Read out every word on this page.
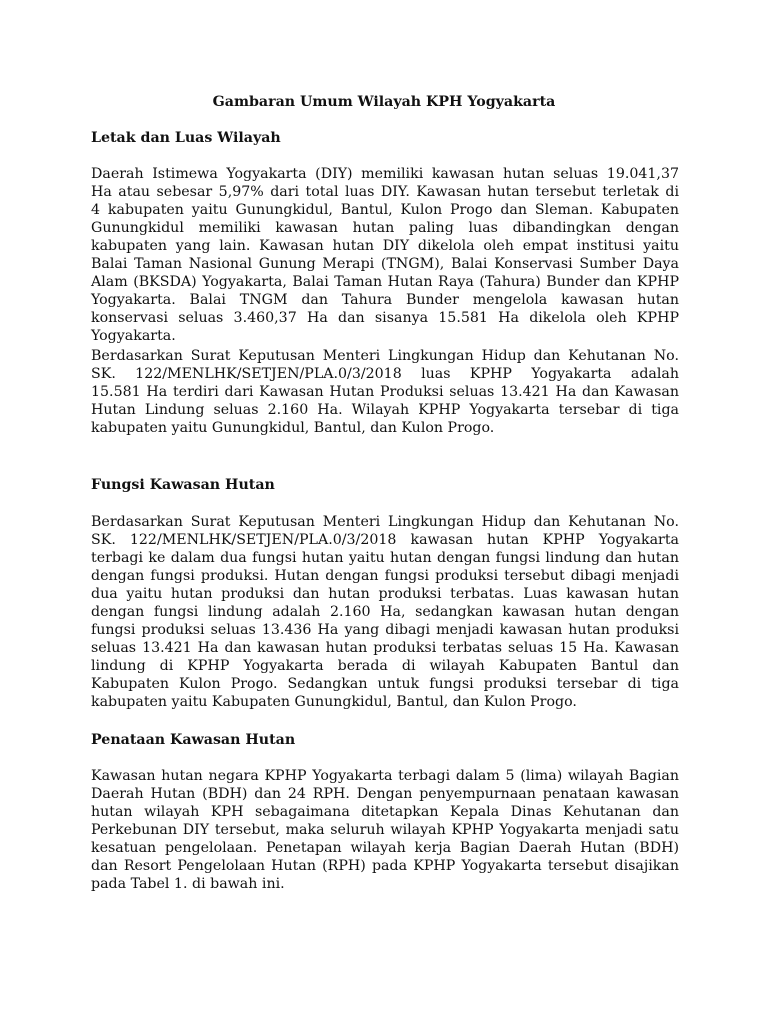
Gambaran Umum Wilayah KPH Yogyakarta
Letak dan Luas Wilayah
Daerah Istimewa Yogyakarta (DIY) memiliki kawasan hutan seluas 19.041,37
Ha atau sebesar 5,97% dari total luas DIY. Kawasan hutan tersebut terletak di
4 kabupaten yaitu Gunungkidul, Bantul, Kulon Progo dan Sleman. Kabupaten
Gunungkidul memiliki kawasan hutan paling luas dibandingkan dengan
kabupaten yang lain. Kawasan hutan DIY dikelola oleh empat institusi yaitu
Balai Taman Nasional Gunung Merapi (TNGM), Balai Konservasi Sumber Daya
Alam (BKSDA) Yogyakarta, Balai Taman Hutan Raya (Tahura) Bunder dan KPHP
Yogyakarta. Balai TNGM dan Tahura Bunder mengelola kawasan hutan
konservasi seluas 3.460,37 Ha dan sisanya 15.581 Ha dikelola oleh KPHP
Yogyakarta.
Berdasarkan Surat Keputusan Menteri Lingkungan Hidup dan Kehutanan No.
SK. 122/MENLHK/SETJEN/PLA.0/3/2018 luas KPHP Yogyakarta adalah
15.581 Ha terdiri dari Kawasan Hutan Produksi seluas 13.421 Ha dan Kawasan
Hutan Lindung seluas 2.160 Ha. Wilayah KPHP Yogyakarta tersebar di tiga
kabupaten yaitu Gunungkidul, Bantul, dan Kulon Progo.
Fungsi Kawasan Hutan
Berdasarkan Surat Keputusan Menteri Lingkungan Hidup dan Kehutanan No.
SK. 122/MENLHK/SETJEN/PLA.0/3/2018 kawasan hutan KPHP Yogyakarta
terbagi ke dalam dua fungsi hutan yaitu hutan dengan fungsi lindung dan hutan
dengan fungsi produksi. Hutan dengan fungsi produksi tersebut dibagi menjadi
dua yaitu hutan produksi dan hutan produksi terbatas. Luas kawasan hutan
dengan fungsi lindung adalah 2.160 Ha, sedangkan kawasan hutan dengan
fungsi produksi seluas 13.436 Ha yang dibagi menjadi kawasan hutan produksi
seluas 13.421 Ha dan kawasan hutan produksi terbatas seluas 15 Ha. Kawasan
lindung di KPHP Yogyakarta berada di wilayah Kabupaten Bantul dan
Kabupaten Kulon Progo. Sedangkan untuk fungsi produksi tersebar di tiga
kabupaten yaitu Kabupaten Gunungkidul, Bantul, dan Kulon Progo.
Penataan Kawasan Hutan
Kawasan hutan negara KPHP Yogyakarta terbagi dalam 5 (lima) wilayah Bagian
Daerah Hutan (BDH) dan 24 RPH. Dengan penyempurnaan penataan kawasan
hutan wilayah KPH sebagaimana ditetapkan Kepala Dinas Kehutanan dan
Perkebunan DIY tersebut, maka seluruh wilayah KPHP Yogyakarta menjadi satu
kesatuan pengelolaan. Penetapan wilayah kerja Bagian Daerah Hutan (BDH)
dan Resort Pengelolaan Hutan (RPH) pada KPHP Yogyakarta tersebut disajikan
pada Tabel 1. di bawah ini.
